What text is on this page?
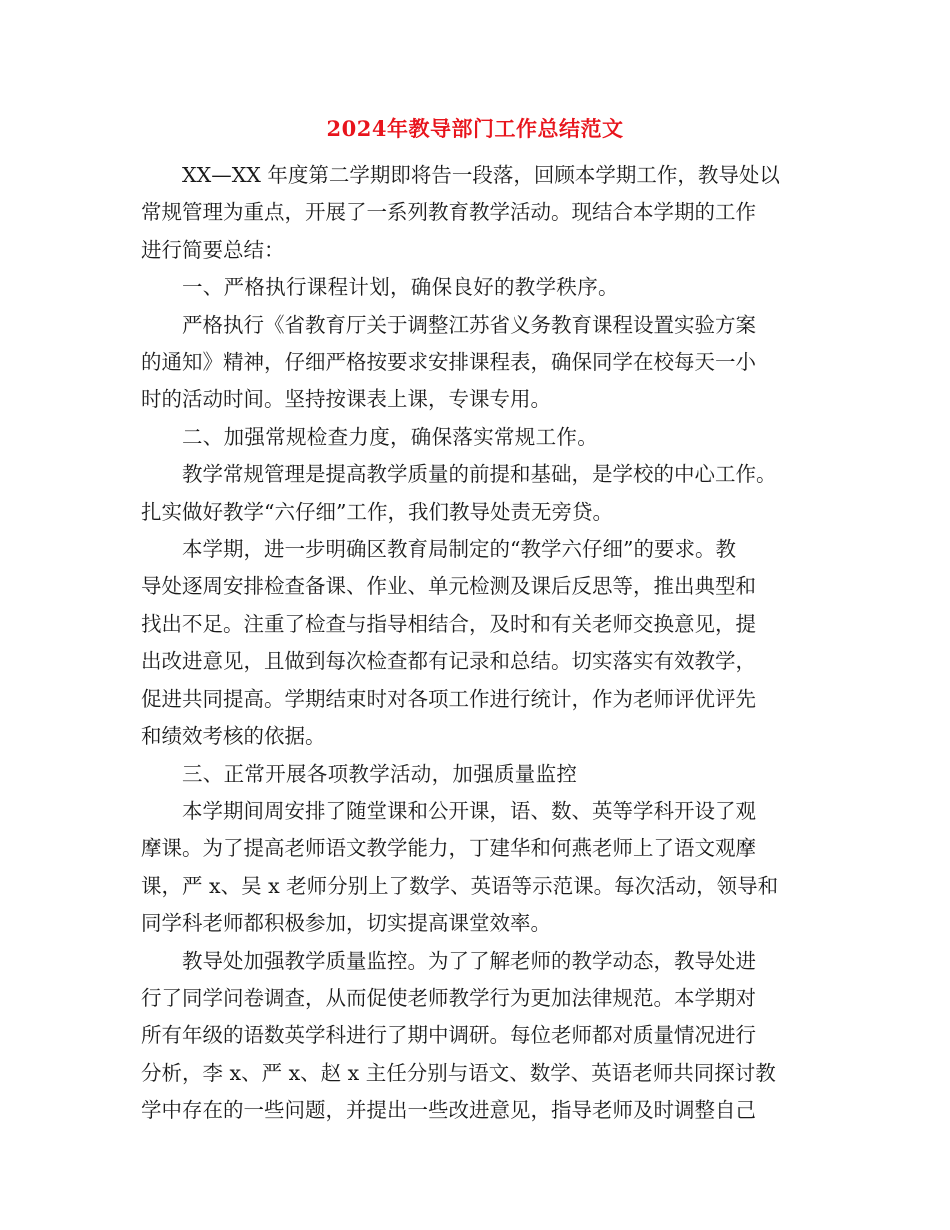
2024年教导部门工作总结范文

XX—XX 年度第二学期即将告一段落，回顾本学期工作，教导处以
常规管理为重点，开展了一系列教育教学活动。现结合本学期的工作
进行简要总结：

一、严格执行课程计划，确保良好的教学秩序。

严格执行《省教育厅关于调整江苏省义务教育课程设置实验方案
的通知》精神，仔细严格按要求安排课程表，确保同学在校每天一小
时的活动时间。坚持按课表上课，专课专用。

二、加强常规检查力度，确保落实常规工作。

教学常规管理是提高教学质量的前提和基础，是学校的中心工作。
扎实做好教学“六仔细”工作，我们教导处责无旁贷。

本学期，进一步明确区教育局制定的“教学六仔细”的要求。教
导处逐周安排检查备课、作业、单元检测及课后反思等，推出典型和
找出不足。注重了检查与指导相结合，及时和有关老师交换意见，提
出改进意见，且做到每次检查都有记录和总结。切实落实有效教学，
促进共同提高。学期结束时对各项工作进行统计，作为老师评优评先
和绩效考核的依据。

三、正常开展各项教学活动，加强质量监控

本学期间周安排了随堂课和公开课，语、数、英等学科开设了观
摩课。为了提高老师语文教学能力，丁建华和何燕老师上了语文观摩
课，严 x、吴 x 老师分别上了数学、英语等示范课。每次活动，领导和
同学科老师都积极参加，切实提高课堂效率。

教导处加强教学质量监控。为了了解老师的教学动态，教导处进
行了同学问卷调查，从而促使老师教学行为更加法律规范。本学期对
所有年级的语数英学科进行了期中调研。每位老师都对质量情况进行
分析，李 x、严 x、赵 x 主任分别与语文、数学、英语老师共同探讨教
学中存在的一些问题，并提出一些改进意见，指导老师及时调整自己
